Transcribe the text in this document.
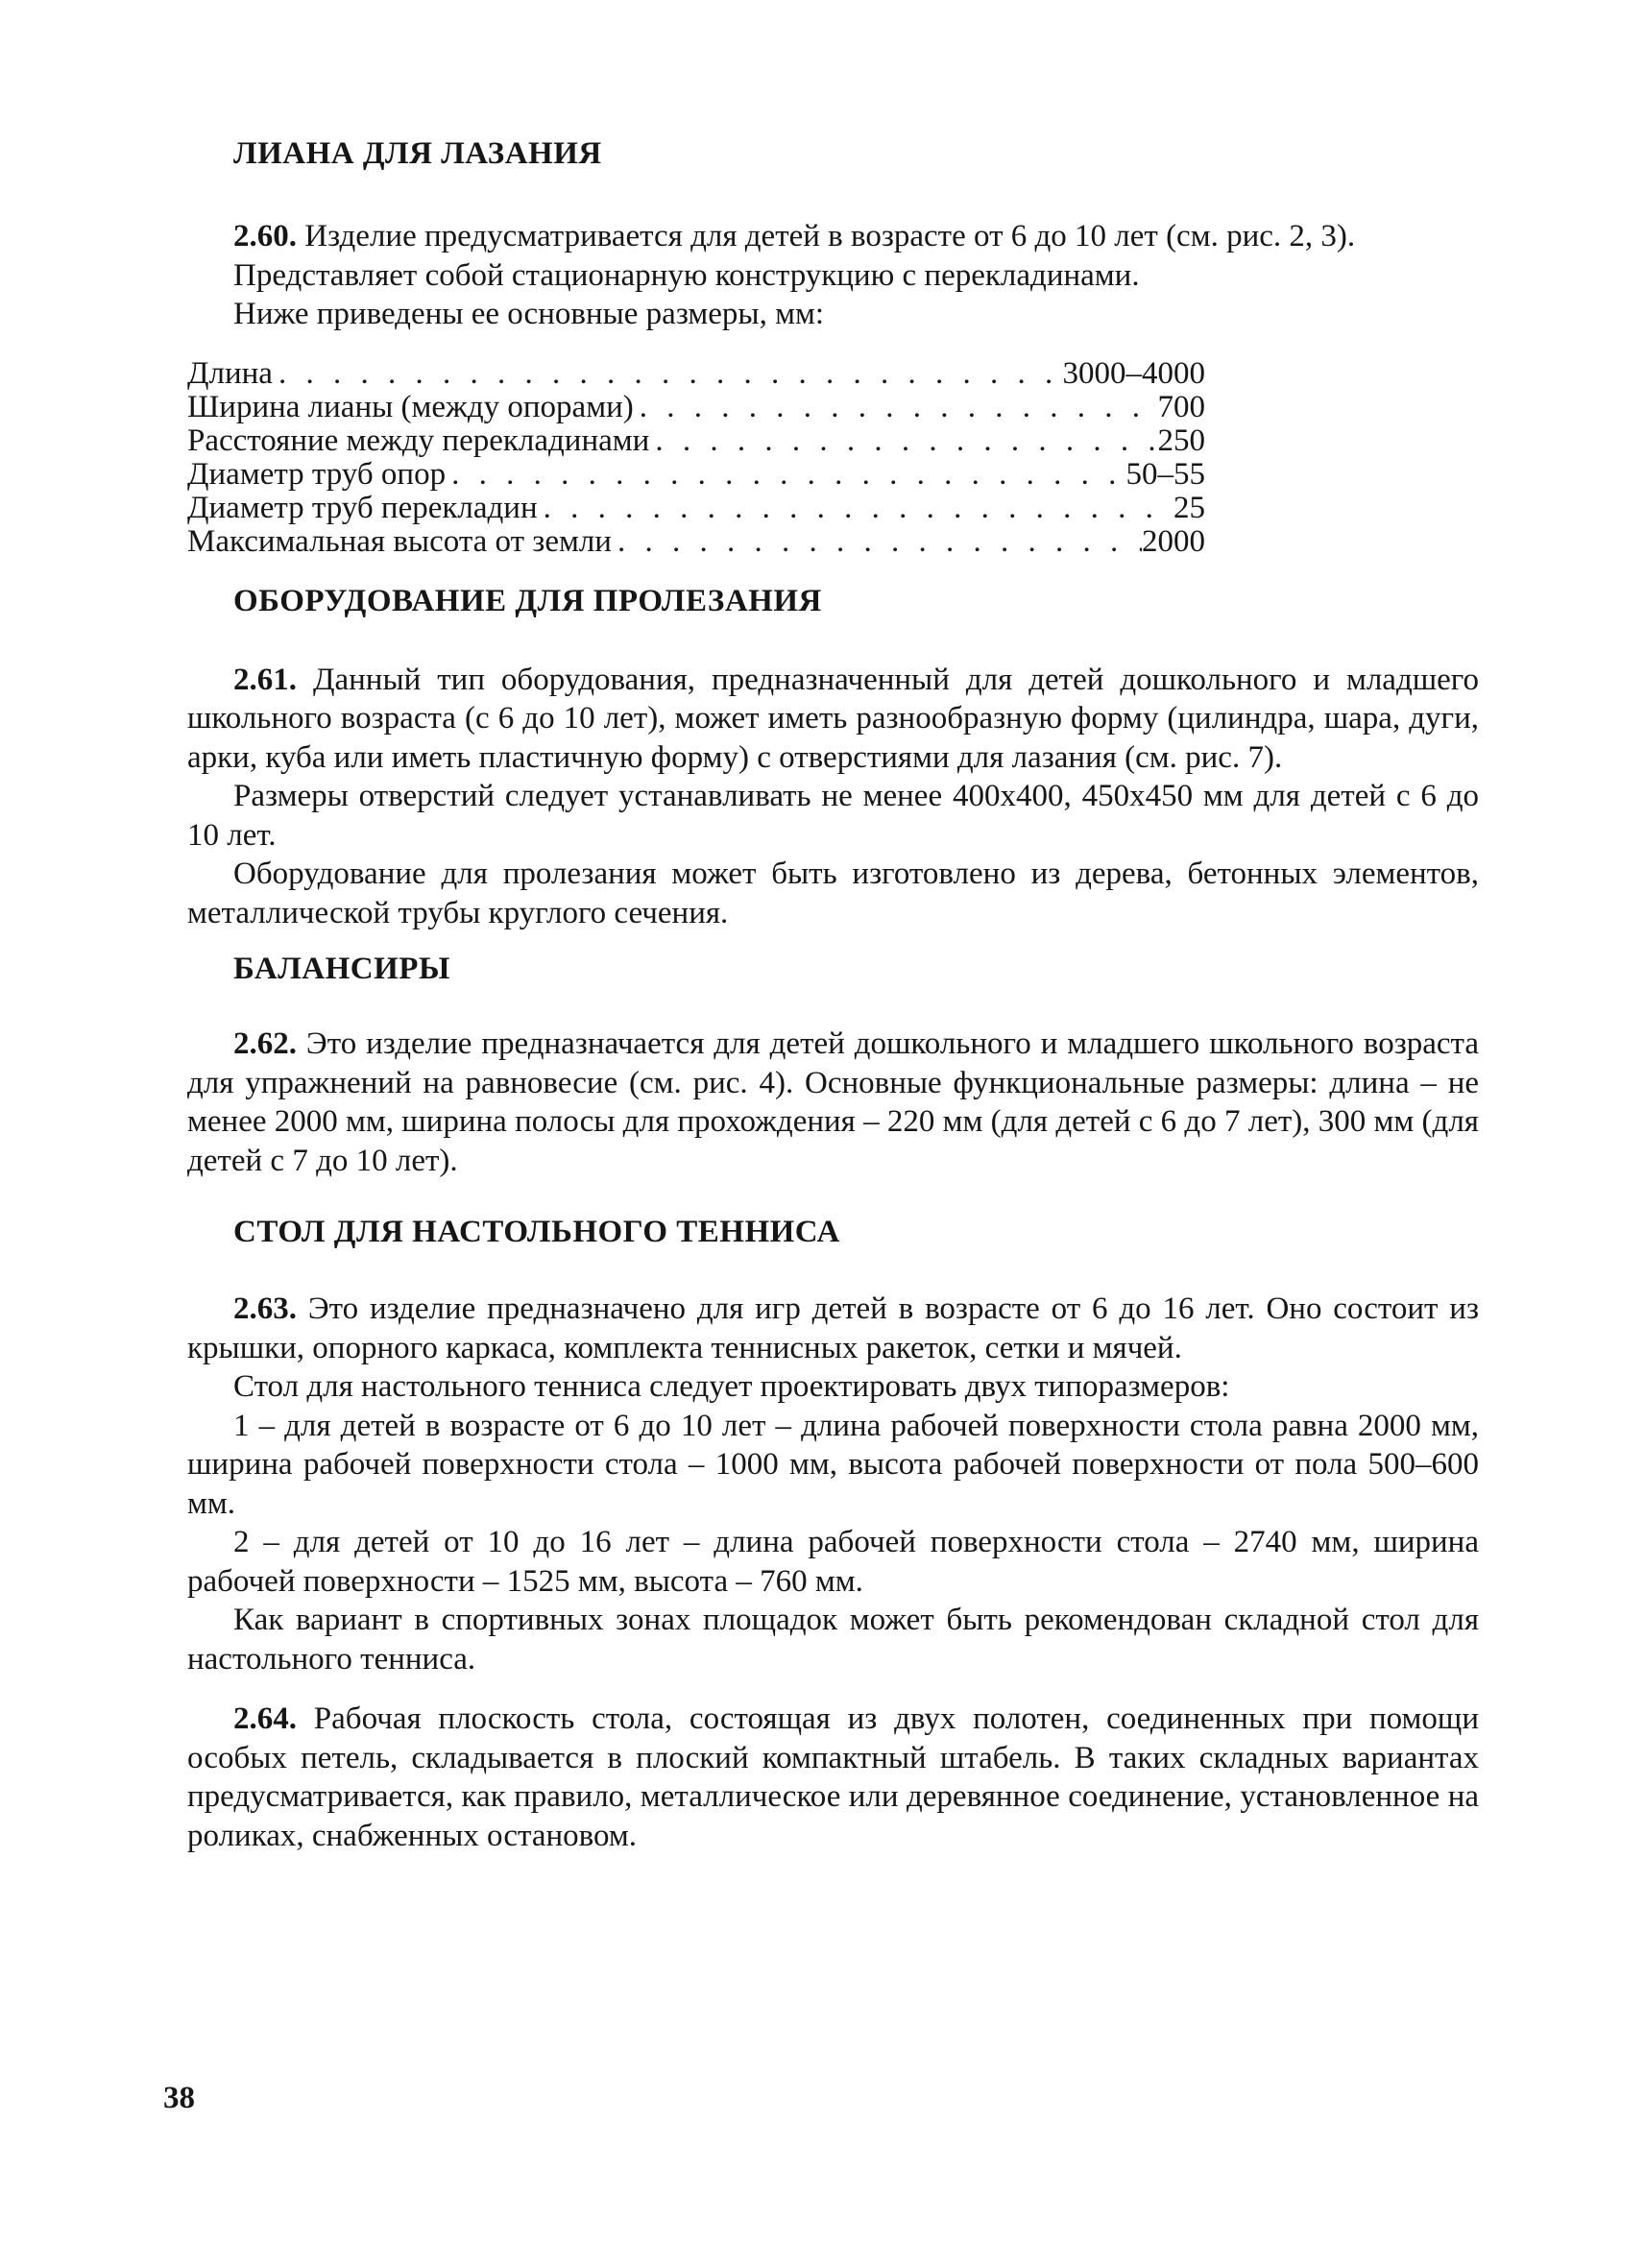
ЛИАНА ДЛЯ ЛАЗАНИЯ

2.60. Изделие предусматривается для детей в возрасте от 6 до 10 лет (см. рис. 2, 3).

Представляет собой стационарную конструкцию с перекладинами.

Ниже приведены ее основные размеры, мм:

Длина . . .	3000–4000
Ширина лианы (между опорами) . . .	700
Расстояние между перекладинами . . .	250
Диаметр труб опор . . .	50–55
Диаметр труб перекладин . . .	25
Максимальная высота от земли . . .	2000
ОБОРУДОВАНИЕ ДЛЯ ПРОЛЕЗАНИЯ

2.61. Данный тип оборудования, предназначенный для детей дошкольного и младшего школьного возраста (с 6 до 10 лет), может иметь разнообразную форму (цилиндра, шара, дуги, арки, куба или иметь пластичную форму) с отверстиями для лазания (см. рис. 7).

Размеры отверстий следует устанавливать не менее 400х400, 450х450 мм для детей с 6 до 10 лет.

Оборудование для пролезания может быть изготовлено из дерева, бетонных элементов, металлической трубы круглого сечения.

БАЛАНСИРЫ

2.62. Это изделие предназначается для детей дошкольного и младшего школьного возраста для упражнений на равновесие (см. рис. 4). Основные функциональные размеры: длина – не менее 2000 мм, ширина полосы для прохождения – 220 мм (для детей с 6 до 7 лет), 300 мм (для детей с 7 до 10 лет).

СТОЛ ДЛЯ НАСТОЛЬНОГО ТЕННИСА

2.63. Это изделие предназначено для игр детей в возрасте от 6 до 16 лет. Оно состоит из крышки, опорного каркаса, комплекта теннисных ракеток, сетки и мячей.

Стол для настольного тенниса следует проектировать двух типоразмеров:

1 – для детей в возрасте от 6 до 10 лет – длина рабочей поверхности стола равна 2000 мм, ширина рабочей поверхности стола – 1000 мм, высота рабочей поверхности от пола 500–600 мм.

2 – для детей от 10 до 16 лет – длина рабочей поверхности стола – 2740 мм, ширина рабочей поверхности – 1525 мм, высота – 760 мм.

Как вариант в спортивных зонах площадок может быть рекомендован складной стол для настольного тенниса.

2.64. Рабочая плоскость стола, состоящая из двух полотен, соединенных при помощи особых петель, складывается в плоский компактный штабель. В таких складных вариантах предусматривается, как правило, металлическое или деревянное соединение, установленное на роликах, снабженных остановом.

38
